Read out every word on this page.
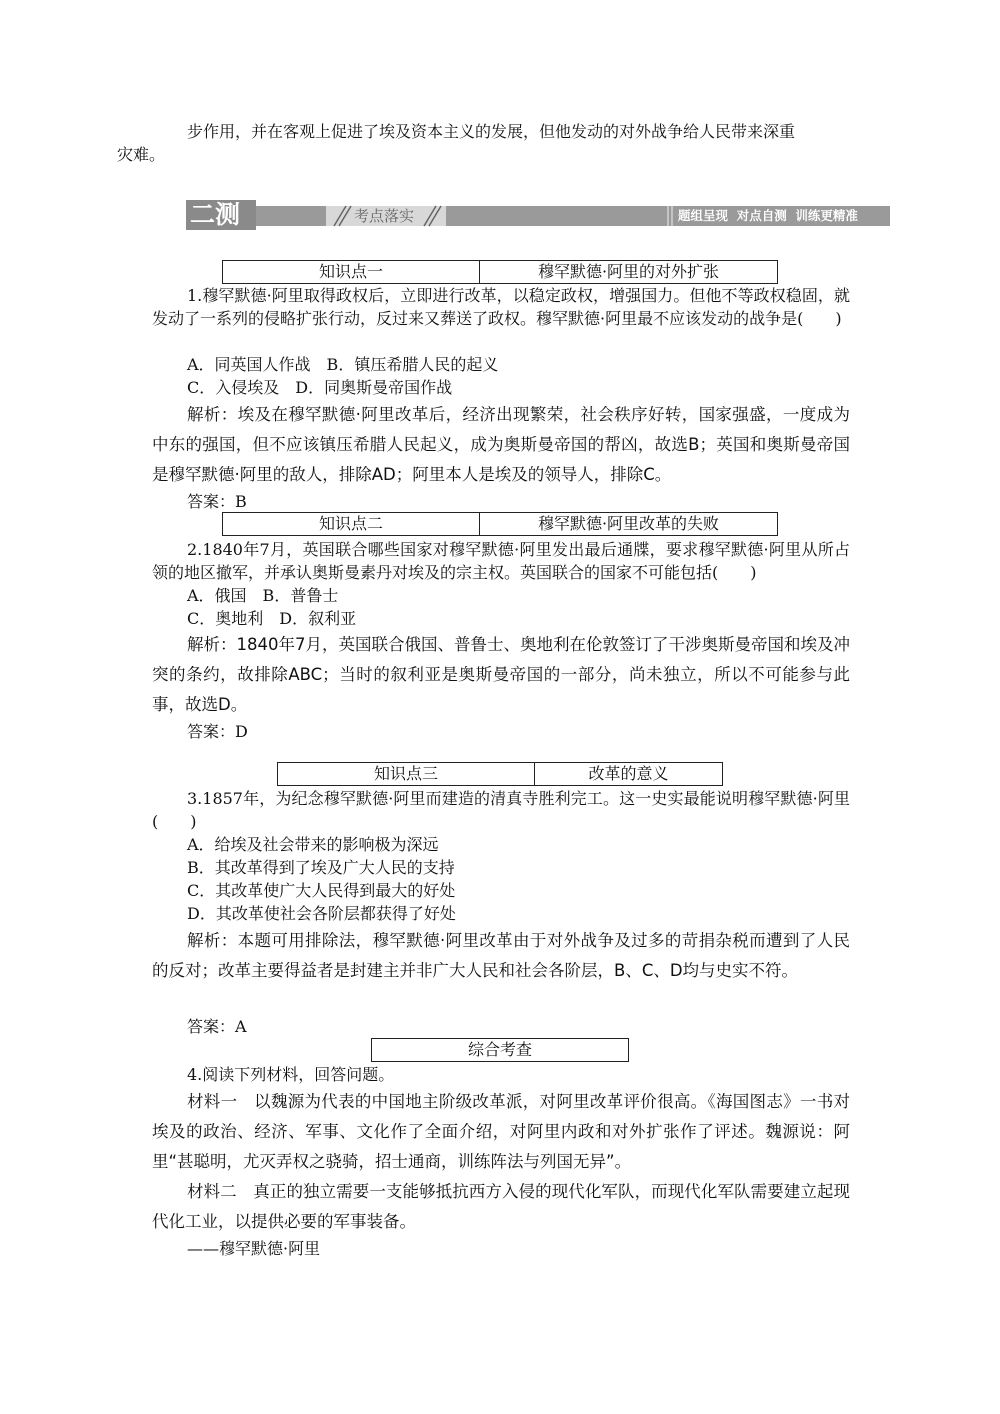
步作用，并在客观上促进了埃及资本主义的发展，但他发动的对外战争给人民带来深重
灾难。
二测	考点落实	题组呈现  对点自测  训练更精准
知识点一	穆罕默德·阿里的对外扩张
1.穆罕默德·阿里取得政权后，立即进行改革，以稳定政权，增强国力。但他不等政权稳固，就发动了一系列的侵略扩张行动，反过来又葬送了政权。穆罕默德·阿里最不应该发动的战争是(　　)
A．同英国人作战　B．镇压希腊人民的起义
C．入侵埃及　D．同奥斯曼帝国作战
解析：埃及在穆罕默德·阿里改革后，经济出现繁荣，社会秩序好转，国家强盛，一度成为中东的强国，但不应该镇压希腊人民起义，成为奥斯曼帝国的帮凶，故选B；英国和奥斯曼帝国是穆罕默德·阿里的敌人，排除AD；阿里本人是埃及的领导人，排除C。
答案：B
知识点二	穆罕默德·阿里改革的失败
2.1840年7月，英国联合哪些国家对穆罕默德·阿里发出最后通牒，要求穆罕默德·阿里从所占领的地区撤军，并承认奥斯曼素丹对埃及的宗主权。英国联合的国家不可能包括(　　)
A．俄国　B．普鲁士
C．奥地利　D．叙利亚
解析：1840年7月，英国联合俄国、普鲁士、奥地利在伦敦签订了干涉奥斯曼帝国和埃及冲突的条约，故排除ABC；当时的叙利亚是奥斯曼帝国的一部分，尚未独立，所以不可能参与此事，故选D。
答案：D
知识点三	改革的意义
3.1857年，为纪念穆罕默德·阿里而建造的清真寺胜利完工。这一史实最能说明穆罕默德·阿里(　　)
A．给埃及社会带来的影响极为深远
B．其改革得到了埃及广大人民的支持
C．其改革使广大人民得到最大的好处
D．其改革使社会各阶层都获得了好处
解析：本题可用排除法，穆罕默德·阿里改革由于对外战争及过多的苛捐杂税而遭到了人民的反对；改革主要得益者是封建主并非广大人民和社会各阶层，B、C、D均与史实不符。
答案：A
综合考查
4.阅读下列材料，回答问题。
材料一　以魏源为代表的中国地主阶级改革派，对阿里改革评价很高。《海国图志》一书对埃及的政治、经济、军事、文化作了全面介绍，对阿里内政和对外扩张作了评述。魏源说：阿里“甚聪明，尤灭弄权之骁骑，招士通商，训练阵法与列国无异”。
材料二　真正的独立需要一支能够抵抗西方入侵的现代化军队，而现代化军队需要建立起现代化工业，以提供必要的军事装备。
——穆罕默德·阿里
